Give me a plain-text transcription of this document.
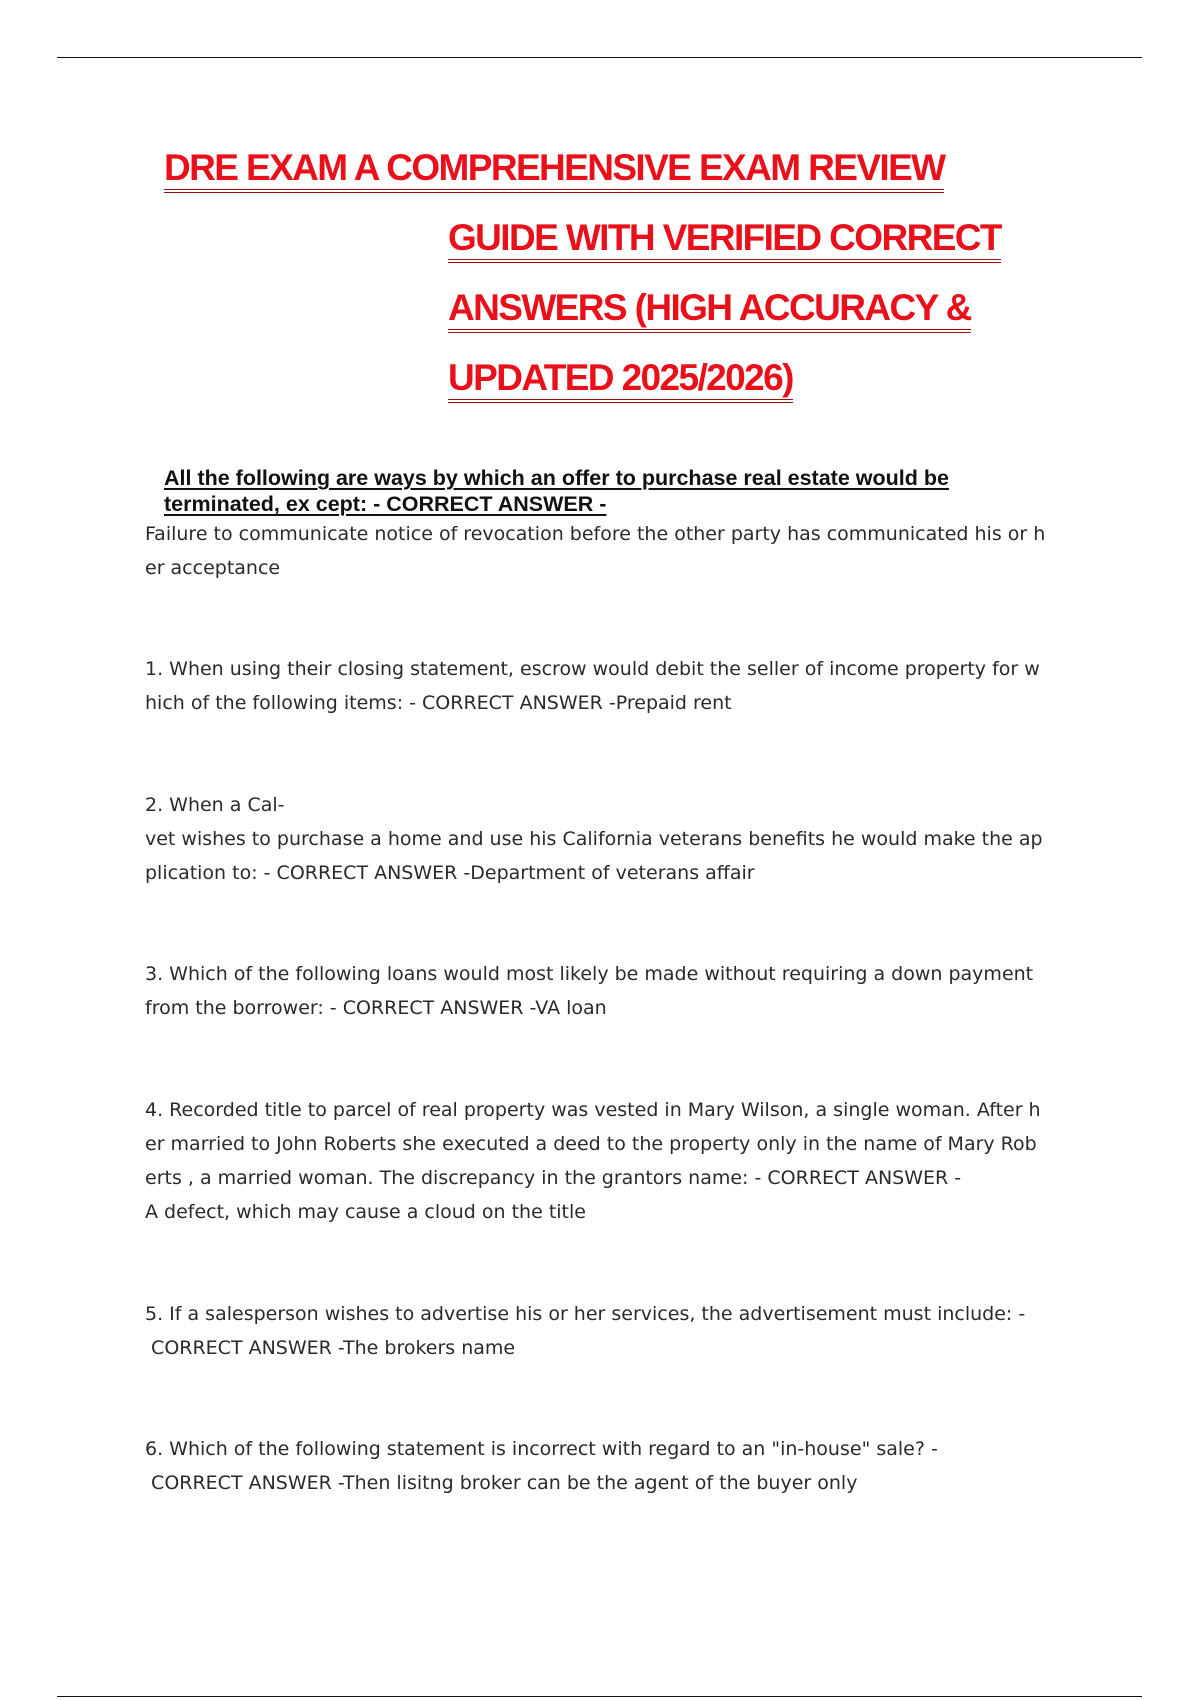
DRE EXAM A COMPREHENSIVE EXAM REVIEW
GUIDE WITH VERIFIED CORRECT
ANSWERS (HIGH ACCURACY &
UPDATED 2025/2026)
All the following are ways by which an offer to purchase real estate would be terminated, ex cept: - CORRECT ANSWER -

Failure to communicate notice of revocation before the other party has communicated his or h
er acceptance

1. When using their closing statement, escrow would debit the seller of income property for w
hich of the following items: - CORRECT ANSWER -Prepaid rent

2. When a Cal-
vet wishes to purchase a home and use his California veterans benefits he would make the ap
plication to: - CORRECT ANSWER -Department of veterans affair

3. Which of the following loans would most likely be made without requiring a down payment
from the borrower: - CORRECT ANSWER -VA loan

4. Recorded title to parcel of real property was vested in Mary Wilson, a single woman. After h
er married to John Roberts she executed a deed to the property only in the name of Mary Rob
erts , a married woman. The discrepancy in the grantors name: - CORRECT ANSWER -
A defect, which may cause a cloud on the title

5. If a salesperson wishes to advertise his or her services, the advertisement must include: -
CORRECT ANSWER -The brokers name

6. Which of the following statement is incorrect with regard to an "in-house" sale? -
CORRECT ANSWER -Then lisitng broker can be the agent of the buyer only
